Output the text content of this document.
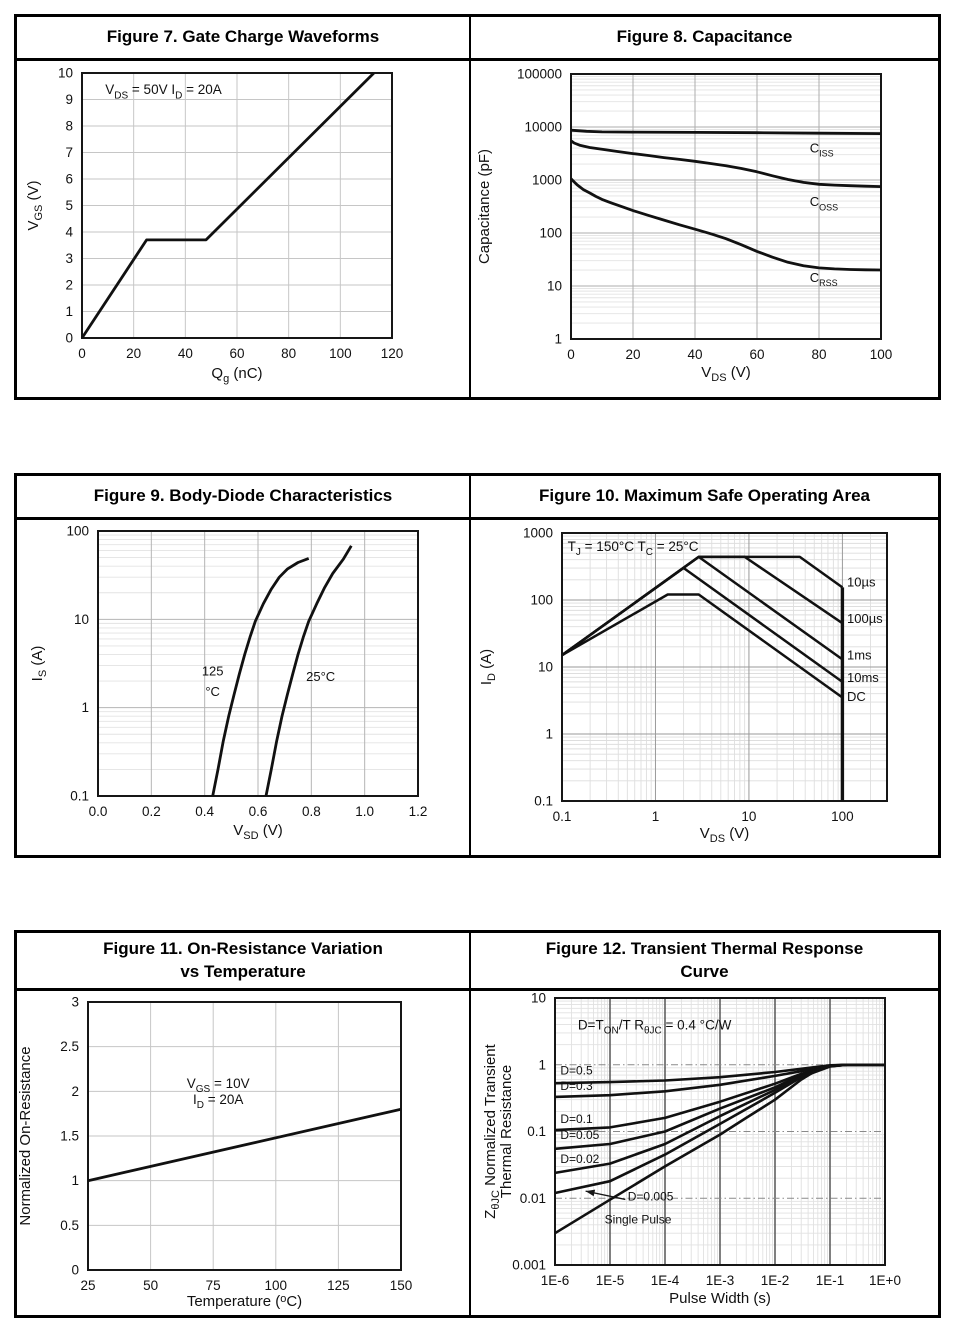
Figure 7. Gate Charge Waveforms
$V_{DS} = 50V$ $I_D = 20A$
0
1
2
3
4
5
6
7
8
9
10
0	20	40	60	80 100 120
$Q_g$ (nC)
$V_{GS}$ (V)
Figure 8. Capacitance
$C_{ISS}$
$C_{OSS}$
$C_{RSS}$
1
10
100
1000
10000
100000
0	20	40	60	80	100
$V_{DS}$ (V)
Capacitance (pF)
Figure 9. Body-Diode Characteristics
125
°C
25°C
0.1
1
10
100
0.0	0.2	0.4	0.6	0.8	1.0	1.2
$V_{SD}$ (V)
$I_S$ (A)
Figure 10. Maximum Safe Operating Area
10µs
100µs
1ms
10ms
DC
$T_J = 150^\circ C$ $T_C = 25^\circ C$
0.1
1
10
100
1000
0.1	1	10	100
$V_{DS}$ (V)
$I_D$ (A)
Figure 11. On-Resistance Variation
vs Temperature
$V_{GS} = 10V$
$I_D = 20A$
0
0.5
1
1.5
2
2.5
3
25	50	75	100	125	150
Temperature ($^o$C)
Normalized On-Resistance
Figure 12. Transient Thermal Response
Curve
D=0.5
D=0.3
D=0.1
D=0.05
D=0.02
D=0.005
Single Pulse
$D=T_{ON}/T$ $R_{\theta JC} = 0.4$ °C/W
0.001
0.01
0.1
1
10
1E-6 1E-5 1E-4 1E-3 1E-2 1E-1 1E+0
Pulse Width (s)
$Z_{\theta JC}$ Normalized Transient Thermal Resistance
